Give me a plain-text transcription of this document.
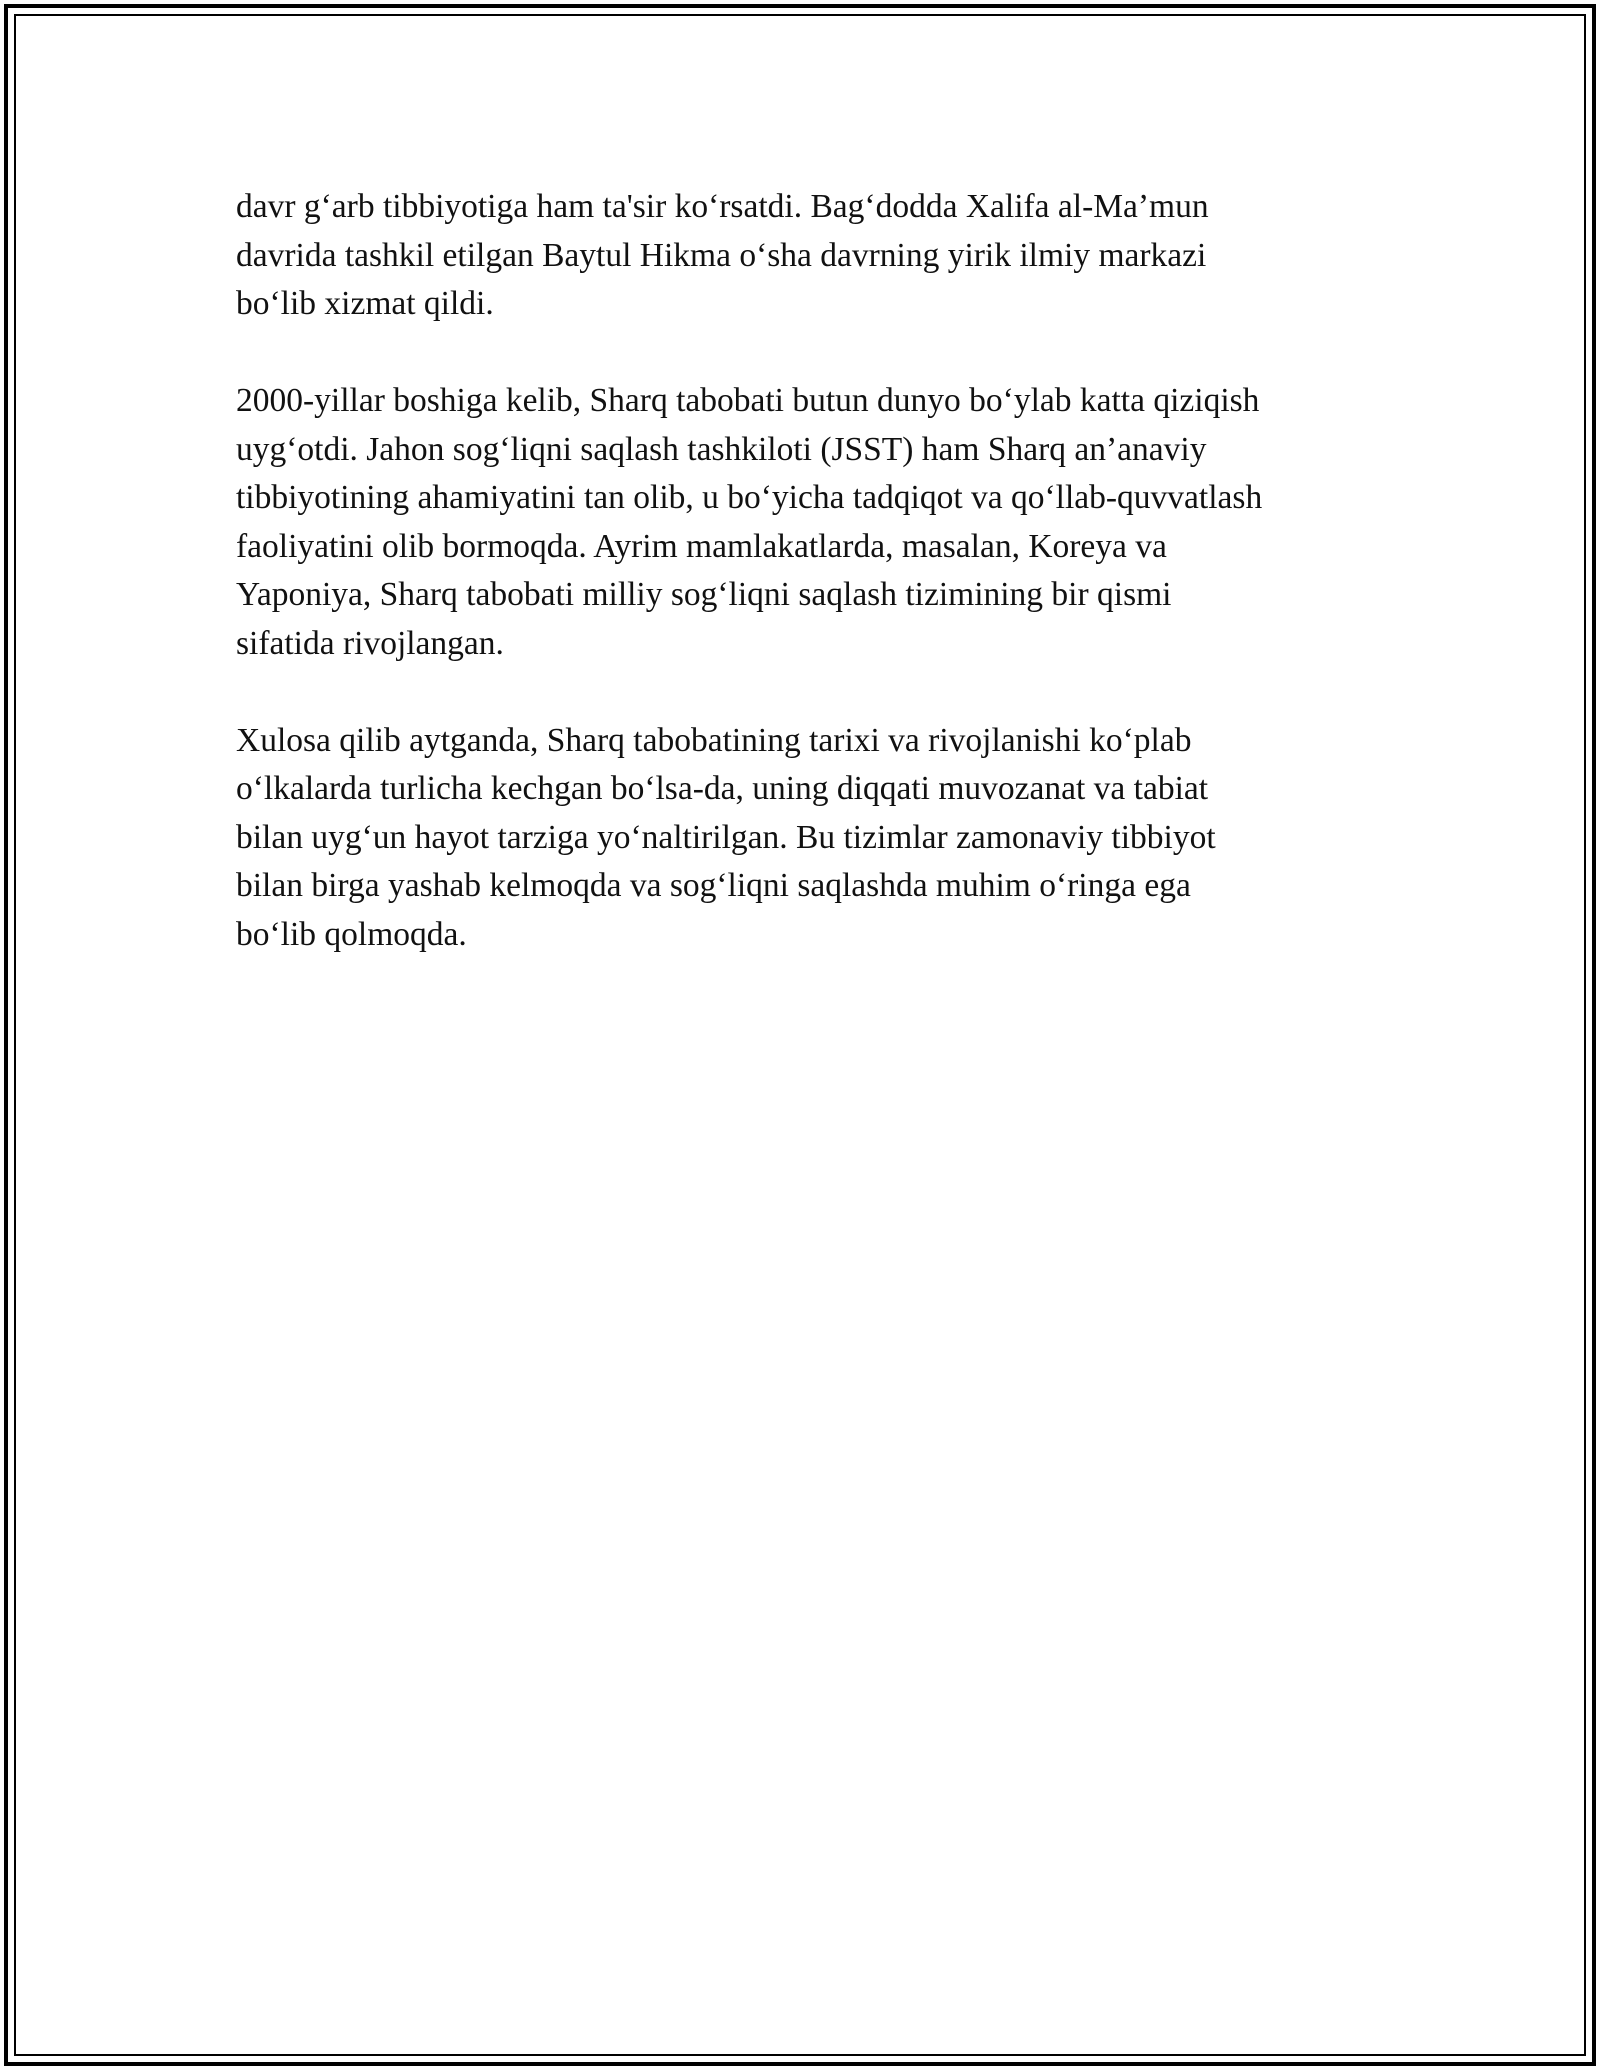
davr g‘arb tibbiyotiga ham ta'sir ko‘rsatdi. Bag‘dodda Xalifa al-Ma’mun
davrida tashkil etilgan Baytul Hikma o‘sha davrning yirik ilmiy markazi
bo‘lib xizmat qildi.

2000-yillar boshiga kelib, Sharq tabobati butun dunyo bo‘ylab katta qiziqish
uyg‘otdi. Jahon sog‘liqni saqlash tashkiloti (JSST) ham Sharq an’anaviy
tibbiyotining ahamiyatini tan olib, u bo‘yicha tadqiqot va qo‘llab-quvvatlash
faoliyatini olib bormoqda. Ayrim mamlakatlarda, masalan, Koreya va
Yaponiya, Sharq tabobati milliy sog‘liqni saqlash tizimining bir qismi
sifatida rivojlangan.

Xulosa qilib aytganda, Sharq tabobatining tarixi va rivojlanishi ko‘plab
o‘lkalarda turlicha kechgan bo‘lsa-da, uning diqqati muvozanat va tabiat
bilan uyg‘un hayot tarziga yo‘naltirilgan. Bu tizimlar zamonaviy tibbiyot
bilan birga yashab kelmoqda va sog‘liqni saqlashda muhim o‘ringa ega
bo‘lib qolmoqda.
